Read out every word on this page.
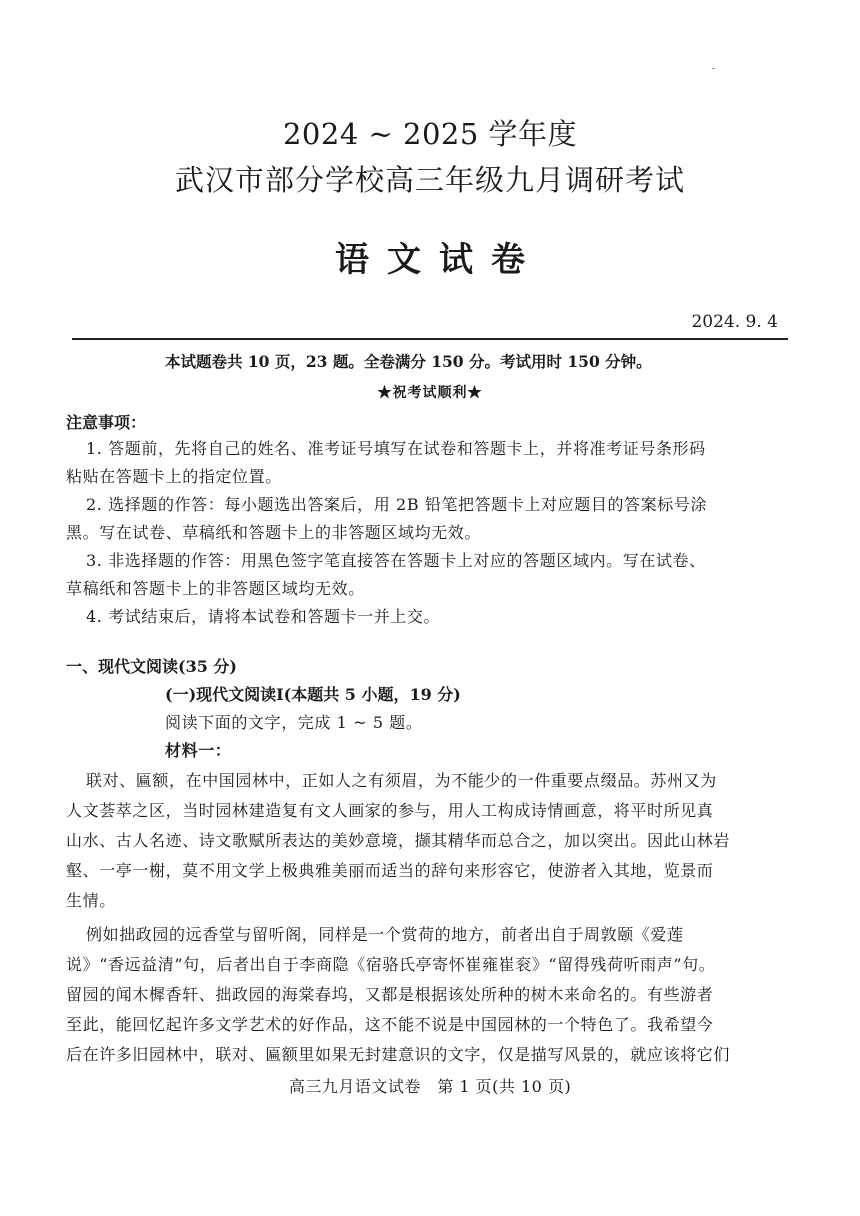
2024 ~ 2025 学年度
武汉市部分学校高三年级九月调研考试
语文试卷
2024. 9. 4
本试题卷共 10 页，23 题。全卷满分 150 分。考试用时 150 分钟。
★祝考试顺利★
注意事项：
1. 答题前，先将自己的姓名、准考证号填写在试卷和答题卡上，并将准考证号条形码
粘贴在答题卡上的指定位置。
2. 选择题的作答：每小题选出答案后，用 2B 铅笔把答题卡上对应题目的答案标号涂
黑。写在试卷、草稿纸和答题卡上的非答题区域均无效。
3. 非选择题的作答：用黑色签字笔直接答在答题卡上对应的答题区域内。写在试卷、
草稿纸和答题卡上的非答题区域均无效。
4. 考试结束后，请将本试卷和答题卡一并上交。
一、现代文阅读(35 分)
(一)现代文阅读Ⅰ(本题共 5 小题，19 分)
阅读下面的文字，完成 1 ~ 5 题。
材料一：
联对、匾额，在中国园林中，正如人之有须眉，为不能少的一件重要点缀品。苏州又为
人文荟萃之区，当时园林建造复有文人画家的参与，用人工构成诗情画意，将平时所见真
山水、古人名迹、诗文歌赋所表达的美妙意境，撷其精华而总合之，加以突出。因此山林岩
壑、一亭一榭，莫不用文学上极典雅美丽而适当的辞句来形容它，使游者入其地，览景而
生情。
例如拙政园的远香堂与留听阁，同样是一个赏荷的地方，前者出自于周敦颐《爱莲
说》“香远益清”句，后者出自于李商隐《宿骆氏亭寄怀崔雍崔衮》“留得残荷听雨声”句。
留园的闻木樨香轩、拙政园的海棠春坞，又都是根据该处所种的树木来命名的。有些游者
至此，能回忆起许多文学艺术的好作品，这不能不说是中国园林的一个特色了。我希望今
后在许多旧园林中，联对、匾额里如果无封建意识的文字，仅是描写风景的，就应该将它们
高三九月语文试卷　第 1 页(共 10 页)
